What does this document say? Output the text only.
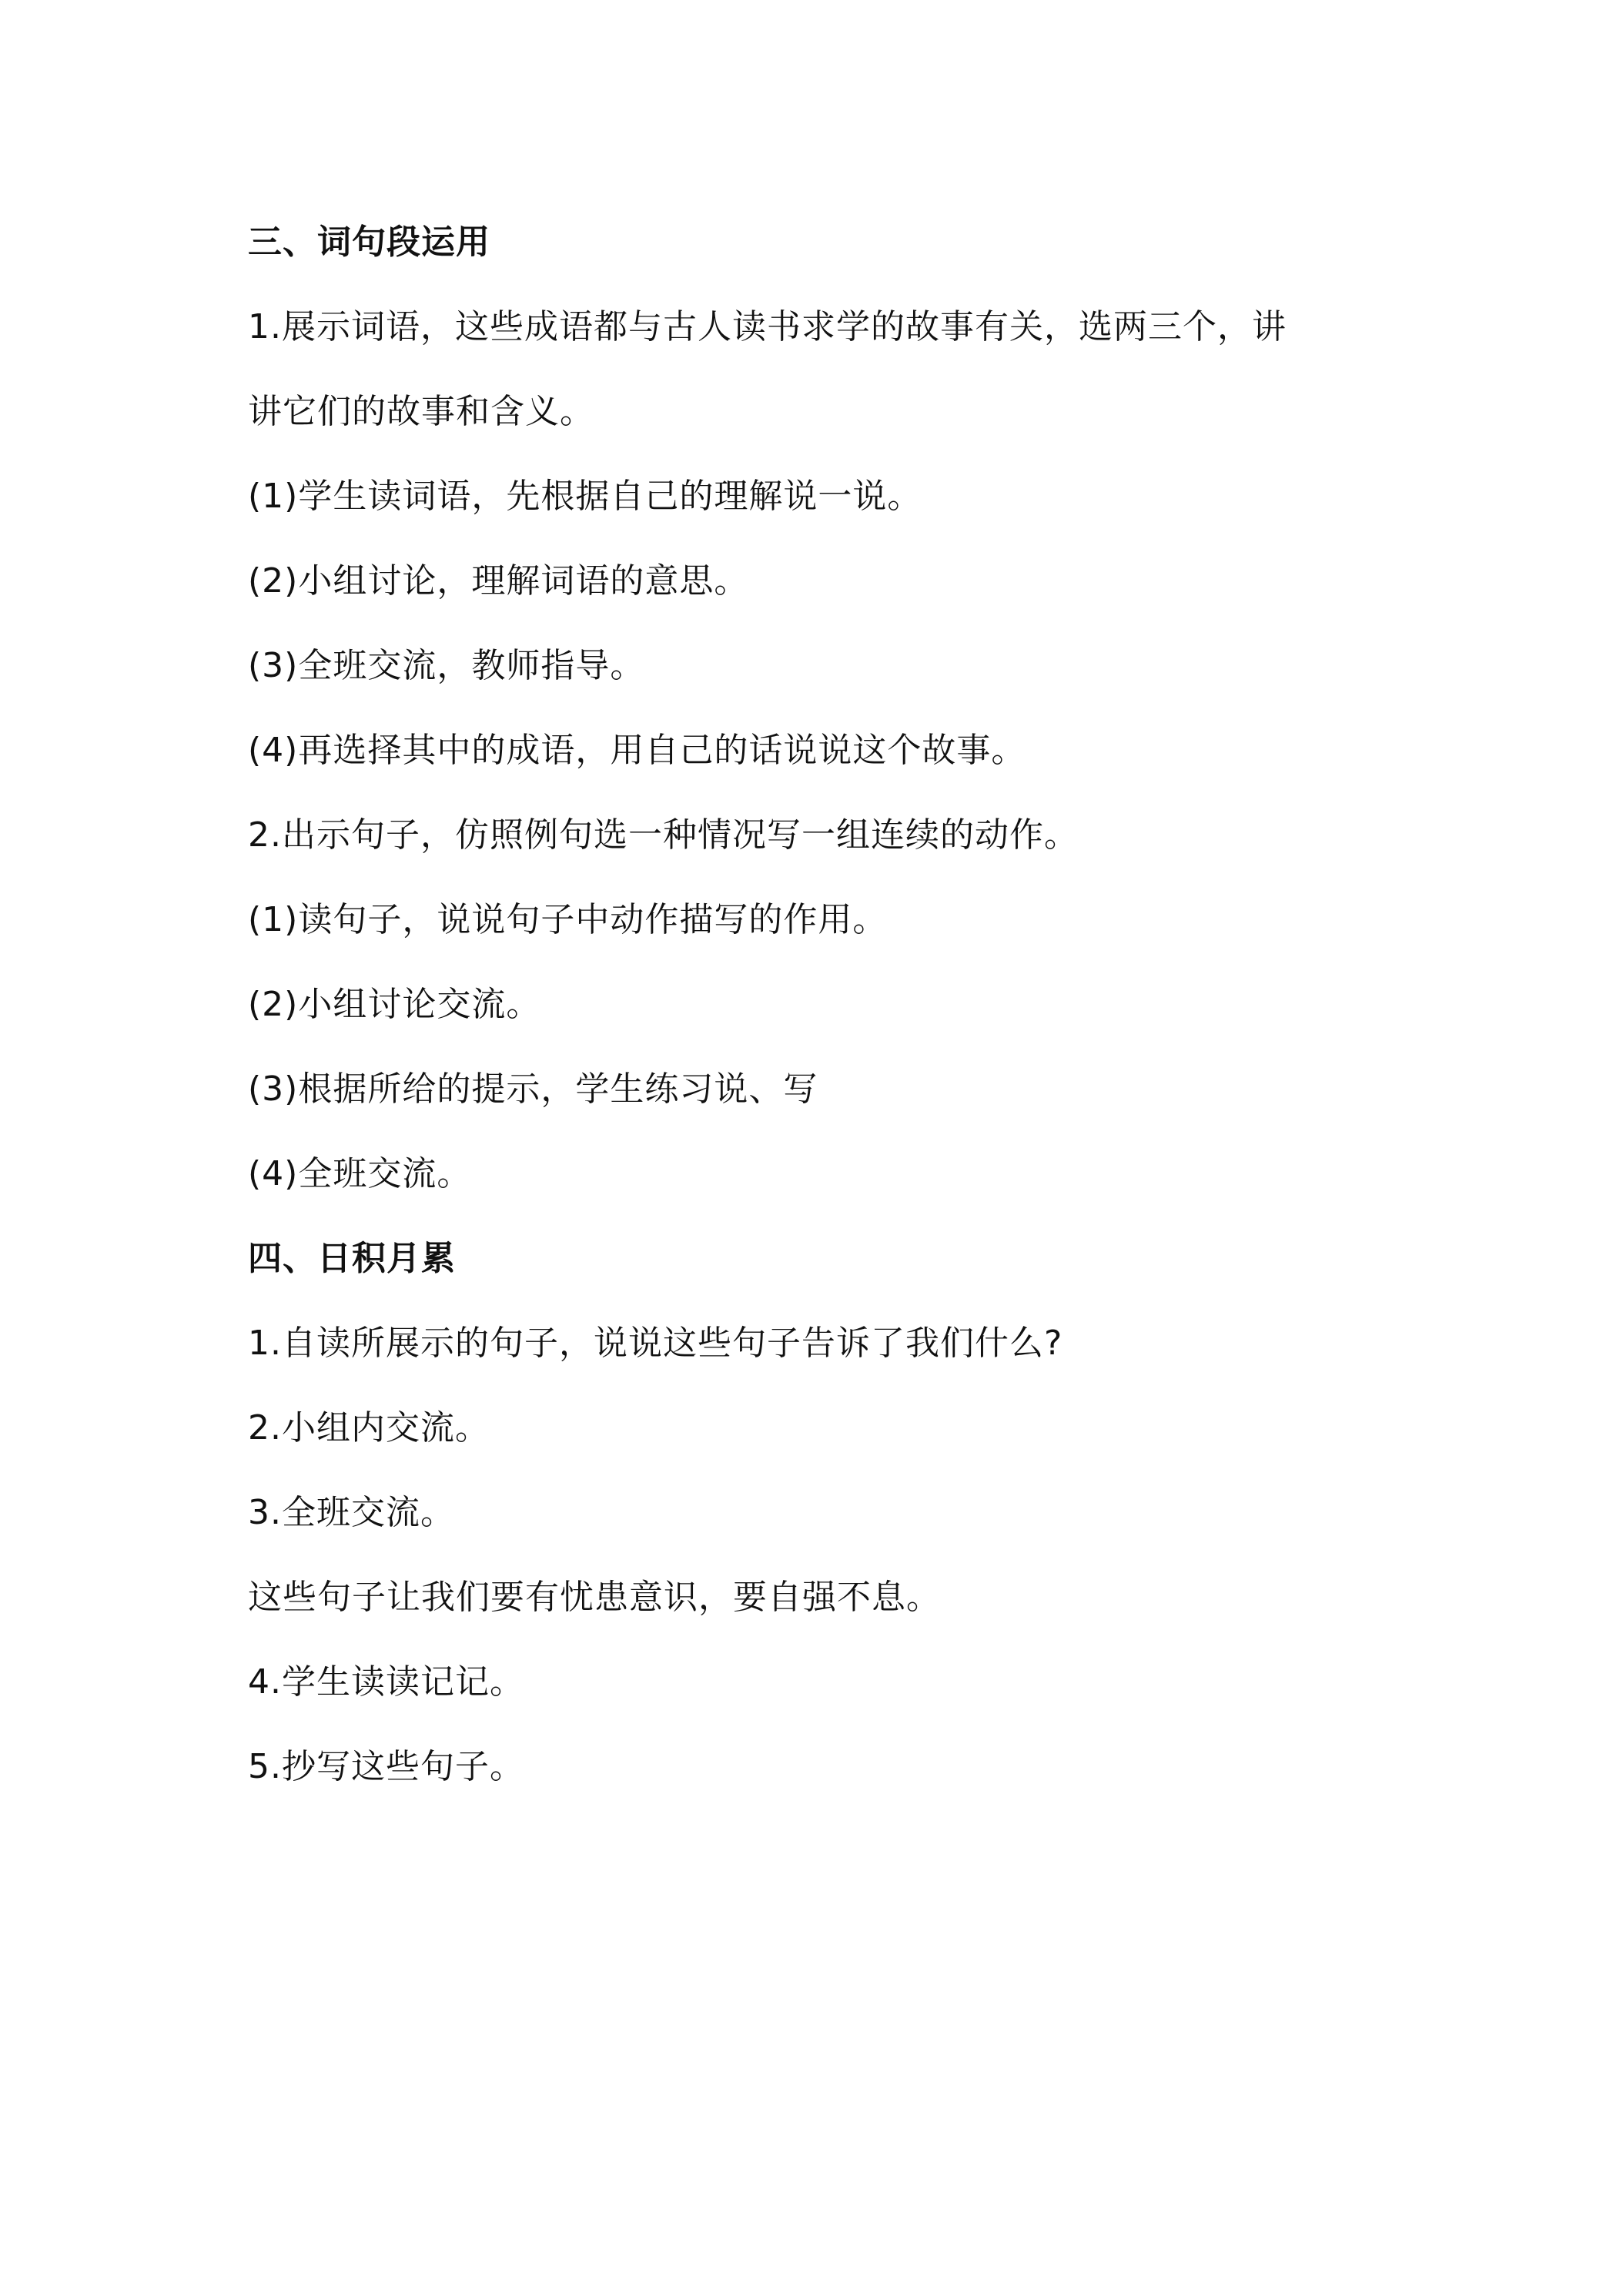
三、词句段运用
1.展示词语，这些成语都与古人读书求学的故事有关，选两三个，讲
讲它们的故事和含义。
(1)学生读词语，先根据自己的理解说一说。
(2)小组讨论，理解词语的意思。
(3)全班交流，教师指导。
(4)再选择其中的成语，用自己的话说说这个故事。
2.出示句子，仿照例句选一种情况写一组连续的动作。
(1)读句子，说说句子中动作描写的作用。
(2)小组讨论交流。
(3)根据所给的提示，学生练习说、写
(4)全班交流。
四、日积月累
1.自读所展示的句子，说说这些句子告诉了我们什么?
2.小组内交流。
3.全班交流。
这些句子让我们要有忧患意识，要自强不息。
4.学生读读记记。
5.抄写这些句子。
